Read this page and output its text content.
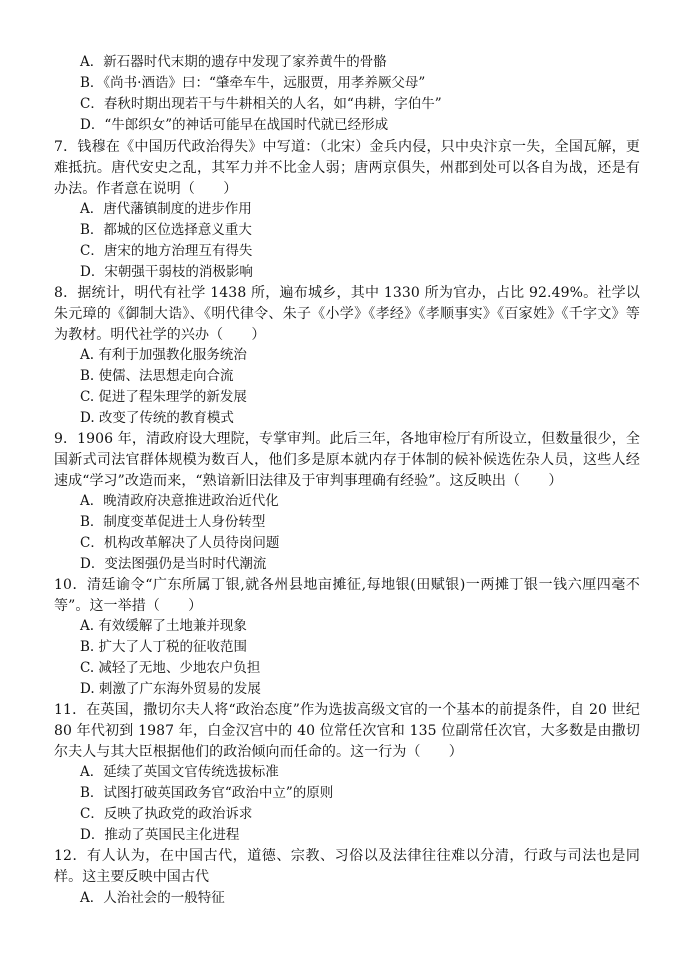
A．新石器时代末期的遗存中发现了家养黄牛的骨骼
B．《尚书·酒诰》曰：“肇牵车牛，远服贾，用孝养厥父母”
C．春秋时期出现若干与牛耕相关的人名，如“冉耕，字伯牛”
D．“牛郎织女”的神话可能早在战国时代就已经形成
7．钱穆在《中国历代政治得失》中写道：（北宋）金兵内侵，只中央汴京一失，全国瓦解，更难抵抗。唐代安史之乱，其军力并不比金人弱；唐两京俱失，州郡到处可以各自为战，还是有办法。作者意在说明（　　）
A．唐代藩镇制度的进步作用
B．都城的区位选择意义重大
C．唐宋的地方治理互有得失
D．宋朝强干弱枝的消极影响
8．据统计，明代有社学 1438 所，遍布城乡，其中 1330 所为官办，占比 92.49%。社学以朱元璋的《御制大诰》、《明代律令、朱子《小学》《孝经》《孝顺事实》《百家姓》《千字文》等为教材。明代社学的兴办（　　）
A. 有利于加强教化服务统治
B. 使儒、法思想走向合流
C. 促进了程朱理学的新发展
D. 改变了传统的教育模式
9．1906 年，清政府设大理院，专掌审判。此后三年，各地审检厅有所设立，但数量很少，全国新式司法官群体规模为数百人，他们多是原本就内存于体制的候补候选佐杂人员，这些人经速成“学习”改造而来，“熟谙新旧法律及于审判事理确有经验”。这反映出（　　）
A．晚清政府决意推进政治近代化
B．制度变革促进士人身份转型
C．机构改革解决了人员待岗问题
D．变法图强仍是当时时代潮流
10．清廷谕令“广东所属丁银,就各州县地亩摊征,每地银(田赋银)一两摊丁银一钱六厘四毫不等”。这一举措（　　）
A. 有效缓解了土地兼并现象
B. 扩大了人丁税的征收范围
C. 减轻了无地、少地农户负担
D. 刺激了广东海外贸易的发展
11．在英国，撒切尔夫人将“政治态度”作为选拔高级文官的一个基本的前提条件，自 20 世纪 80 年代初到 1987 年，白金汉宫中的 40 位常任次官和 135 位副常任次官，大多数是由撒切尔夫人与其大臣根据他们的政治倾向而任命的。这一行为（　　）
A．延续了英国文官传统选拔标准
B．试图打破英国政务官“政治中立”的原则
C．反映了执政党的政治诉求
D．推动了英国民主化进程
12．有人认为，在中国古代，道德、宗教、习俗以及法律往往难以分清，行政与司法也是同样。这主要反映中国古代
A．人治社会的一般特征
